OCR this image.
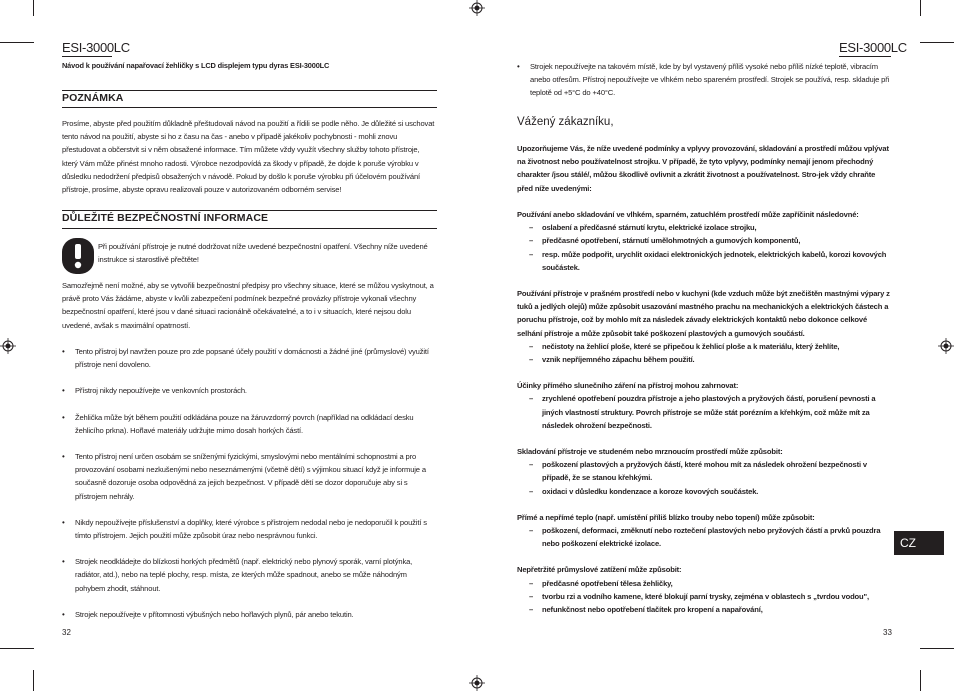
ESI-3000LC
Návod k používání napařovací žehličky s LCD displejem typu dyras ESI-3000LC
POZNÁMKA
Prosíme, abyste před použitím důkladně přeštudovali návod na použití a řídili se podle něho. Je důležité si uschovat tento návod na použití, abyste si ho z času na čas - anebo v případě jakékoliv pochybnosti - mohli znovu přestudovat a občerstvit si v něm obsažené informace. Tím můžete vždy využít všechny služby tohoto přístroje, který Vám může přinést mnoho radosti. Výrobce nezodpovídá za škody v případě, že dojde k poruše výrobku v důsledku nedodržení předpisů obsažených v návodě. Pokud by došlo k poruše výrobku při účelovém používání přístroje, prosíme, abyste opravu realizovali pouze v autorizovaném odborném servise!
DŮLEŽITÉ BEZPEČNOSTNÍ INFORMACE
Při používání přístroje je nutné dodržovat níže uvedené bezpečnostní opatření. Všechny níže uvedené instrukce si starostlivě přečtěte!
Samozřejmě není možné, aby se vytvořili bezpečnostní předpisy pro všechny situace, které se můžou vyskytnout, a právě proto Vás žádáme, abyste v kvůli zabezpečení podmínek bezpečné provázky přístroje vykonali všechny bezpečnostní opatření, které jsou v dané situaci racionálně očekávatelné, a to i v situacích, které nejsou dolu uvedené, avšak s maximální opatrností.
• Tento přístroj byl navržen pouze pro zde popsané účely použití v domácnosti a žádné jiné (průmyslové) využití přístroje není dovoleno.
• Přístroj nikdy nepoužívejte ve venkovních prostorách.
• Žehlička může být během použití odkládána pouze na žáruvzdorný povrch (například na odkládací desku žehlicího prkna). Hořlavé materiály udržujte mimo dosah horkých částí.
• Tento přístroj není určen osobám se sníženými fyzickými, smyslovými nebo mentálními schopnostmi a pro provozování osobami nezkušenými nebo neseznámenými (včetně dětí) s výjimkou situací když je informuje a současně dozoruje osoba odpovědná za jejich bezpečnost. V případě dětí se dozor doporučuje aby si s přístrojem nehrály.
• Nikdy nepoužívejte příslušenství a doplňky, které výrobce s přístrojem nedodal nebo je nedoporučil k použití s tímto přístrojem. Jejich použití může způsobit úraz nebo nesprávnou funkci.
• Strojek neodkládejte do blízkosti horkých předmětů (např. elektrický nebo plynový sporák, varní plotýnka, radiátor, atd.), nebo na teplé plochy, resp. místa, ze kterých může spadnout, anebo se může náhodným pohybem zhodit, stáhnout.
• Strojek nepoužívejte v přítomnosti výbušných nebo hořlavých plynů, pár anebo tekutin.
32
ESI-3000LC
• Strojek nepoužívejte na takovém místě, kde by byl vystavený příliš vysoké nebo příliš nízké teplotě, vibracím anebo otřesům. Přístroj nepoužívejte ve vlhkém nebo spareném prostředí. Strojek se používá, resp. skladuje při teplotě od +5°C do +40°C.
Vážený zákazníku,
Upozorňujeme Vás, že níže uvedené podmínky a vplyvy provozování, skladování a prostředí můžou vplývat na životnost nebo používatelnost strojku. V případě, že tyto vplyvy, podmínky nemají jenom přechodný charakter /jsou stálé/, můžou škodlivě ovlivnit a zkrátit životnost a používatelnost. Stro-jek vždy chraňte před níže uvedenými:
Používání anebo skladování ve vlhkém, sparném, zatuchlém prostředí může zapříčinit následovné:
– oslabení a předčasné stárnutí krytu, elektrické izolace strojku,
– předčasné opotřebení, stárnutí umělohmotných a gumových komponentů,
– resp. může podpořit, urychlit oxidaci elektronických jednotek, elektrických kabelů, korozi kovových součástek.
Používání přístroje v prašném prostředí nebo v kuchyni (kde vzduch může být znečištěn mastnými výpary z tuků a jedlých olejů) může způsobit usazování mastného prachu na mechanických a elektrických částech a poruchu přístroje, což by mohlo mít za následek závady elektrických kontaktů nebo dokonce celkové selhání přístroje a může způsobit také poškození plastových a gumových součástí.
– nečistoty na žehlicí ploše, které se připečou k žehlicí ploše a k materiálu, který žehlíte,
– vznik nepříjemného zápachu během použití.
Účinky přímého slunečního záření na přístroj mohou zahrnovat:
– zrychlené opotřebení pouzdra přístroje a jeho plastových a pryžových částí, porušení pevnosti a jiných vlastností struktury. Povrch přístroje se může stát porézním a křehkým, což může mít za následek ohrožení bezpečnosti.
Skladování přístroje ve studeném nebo mrznoucím prostředí může způsobit:
– poškození plastových a pryžových částí, které mohou mít za následek ohrožení bezpečnosti v případě, že se stanou křehkými.
– oxidaci v důsledku kondenzace a koroze kovových součástek.
Přímé a nepřímé teplo (např. umístění příliš blízko trouby nebo topení) může způsobit:
– poškození, deformaci, změknutí nebo roztečení plastových nebo pryžových částí a prvků pouzdra nebo poškození elektrické izolace.
Nepřetržité průmyslové zatížení může způsobit:
– předčasné opotřebení tělesa žehličky,
– tvorbu rzi a vodního kamene, které blokují parní trysky, zejména v oblastech s „tvrdou vodou",
– nefunkčnost nebo opotřebení tlačítek pro kropení a napařování,
CZ
33
